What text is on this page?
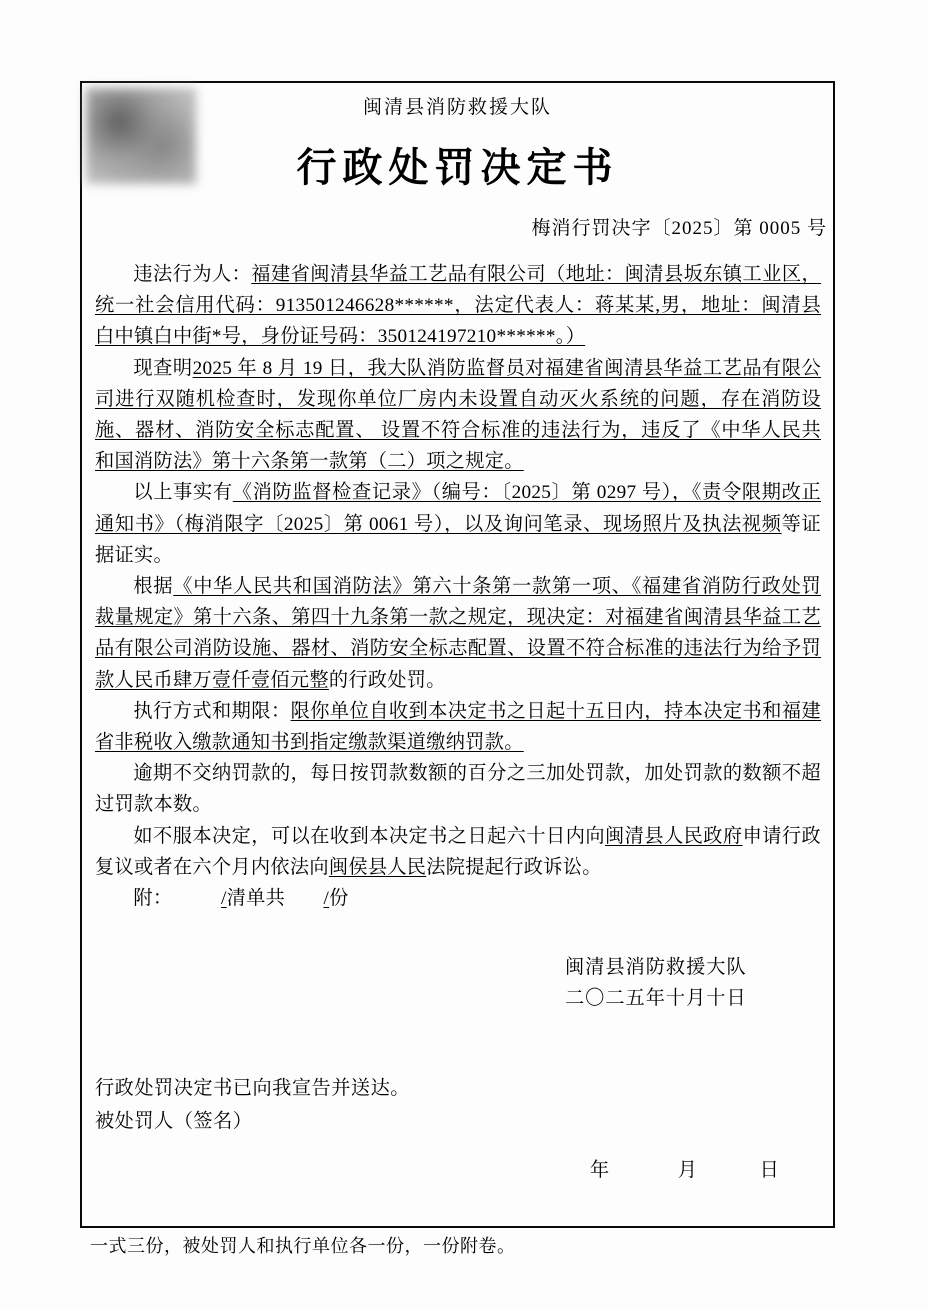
闽清县消防救援大队
行政处罚决定书
梅消行罚决字〔2025〕第 0005 号

违法行为人：福建省闽清县华益工艺品有限公司（地址：闽清县坂东镇工业区，统一社会信用代码：913501246628******，法定代表人：蒋某某,男，地址：闽清县白中镇白中街*号，身份证号码：350124197210******。）

现查明2025 年 8 月 19 日，我大队消防监督员对福建省闽清县华益工艺品有限公司进行双随机检查时，发现你单位厂房内未设置自动灭火系统的问题，存在消防设施、器材、消防安全标志配置、 设置不符合标准的违法行为，违反了《中华人民共和国消防法》第十六条第一款第（二）项之规定。

以上事实有《消防监督检查记录》（编号：〔2025〕第 0297 号），《责令限期改正通知书》（梅消限字〔2025〕第 0061 号），以及询问笔录、现场照片及执法视频等证据证实。

根据《中华人民共和国消防法》第六十条第一款第一项、《福建省消防行政处罚裁量规定》第十六条、第四十九条第一款之规定，现决定：对福建省闽清县华益工艺品有限公司消防设施、器材、消防安全标志配置、设置不符合标准的违法行为给予罚款人民币肆万壹仟壹佰元整的行政处罚。

执行方式和期限：限你单位自收到本决定书之日起十五日内，持本决定书和福建省非税收入缴款通知书到指定缴款渠道缴纳罚款。

逾期不交纳罚款的，每日按罚款数额的百分之三加处罚款，加处罚款的数额不超过罚款本数。

如不服本决定，可以在收到本决定书之日起六十日内向闽清县人民政府申请行政复议或者在六个月内依法向闽侯县人民法院提起行政诉讼。

附：	/清单共 /份

闽清县消防救援大队
二〇二五年十月十日
行政处罚决定书已向我宣告并送达。
被处罚人（签名）
年	月	日
一式三份，被处罚人和执行单位各一份，一份附卷。
